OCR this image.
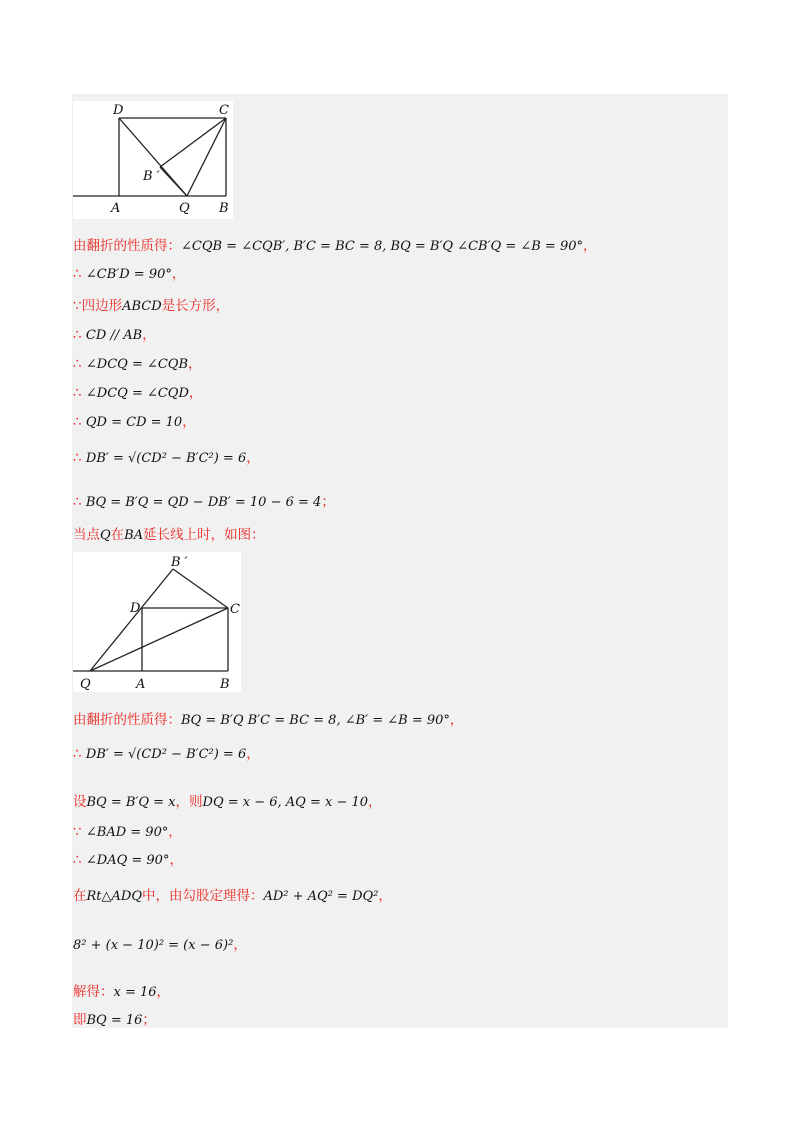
D	C
B ′
A	Q B
B ′
D	C
Q	A	B
由翻折的性质得：∠CQB = ∠CQB′, B′C = BC = 8, BQ = B′Q ∠CB′Q = ∠B = 90°，
∴ ∠CB′D = 90°，
∵四边形ABCD是长方形，
∴ CD // AB，
∴ ∠DCQ = ∠CQB，
∴ ∠DCQ = ∠CQD，
∴ QD = CD = 10，
∴ DB′ = √(CD² − B′C²) = 6，
∴ BQ = B′Q = QD − DB′ = 10 − 6 = 4；
当点Q在BA延长线上时，如图：
由翻折的性质得：BQ = B′Q B′C = BC = 8, ∠B′ = ∠B = 90°，
∴ DB′ = √(CD² − B′C²) = 6，
设BQ = B′Q = x，则DQ = x − 6, AQ = x − 10，
∵ ∠BAD = 90°，
∴ ∠DAQ = 90°，
在Rt△ADQ中，由勾股定理得：AD² + AQ² = DQ²，
8² + (x − 10)² = (x − 6)²，
解得：x = 16，
即BQ = 16；
